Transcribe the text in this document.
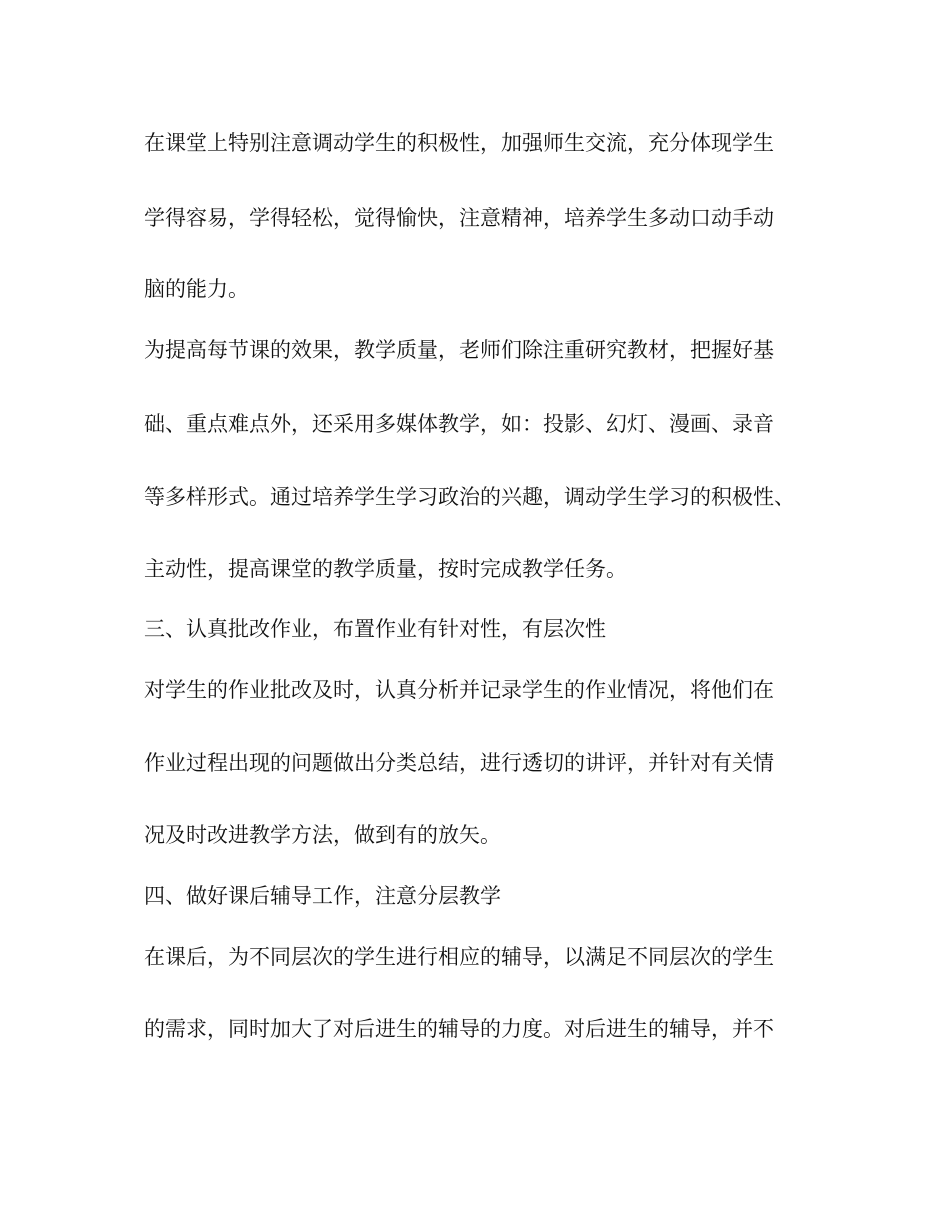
在课堂上特别注意调动学生的积极性，加强师生交流，充分体现学生
学得容易，学得轻松，觉得愉快，注意精神，培养学生多动口动手动
脑的能力。
为提高每节课的效果，教学质量，老师们除注重研究教材，把握好基
础、重点难点外，还采用多媒体教学，如：投影、幻灯、漫画、录音
等多样形式。通过培养学生学习政治的兴趣，调动学生学习的积极性、
主动性，提高课堂的教学质量，按时完成教学任务。
三、认真批改作业，布置作业有针对性，有层次性
对学生的作业批改及时，认真分析并记录学生的作业情况，将他们在
作业过程出现的问题做出分类总结，进行透切的讲评，并针对有关情
况及时改进教学方法，做到有的放矢。
四、做好课后辅导工作，注意分层教学
在课后，为不同层次的学生进行相应的辅导，以满足不同层次的学生
的需求，同时加大了对后进生的辅导的力度。对后进生的辅导，并不
